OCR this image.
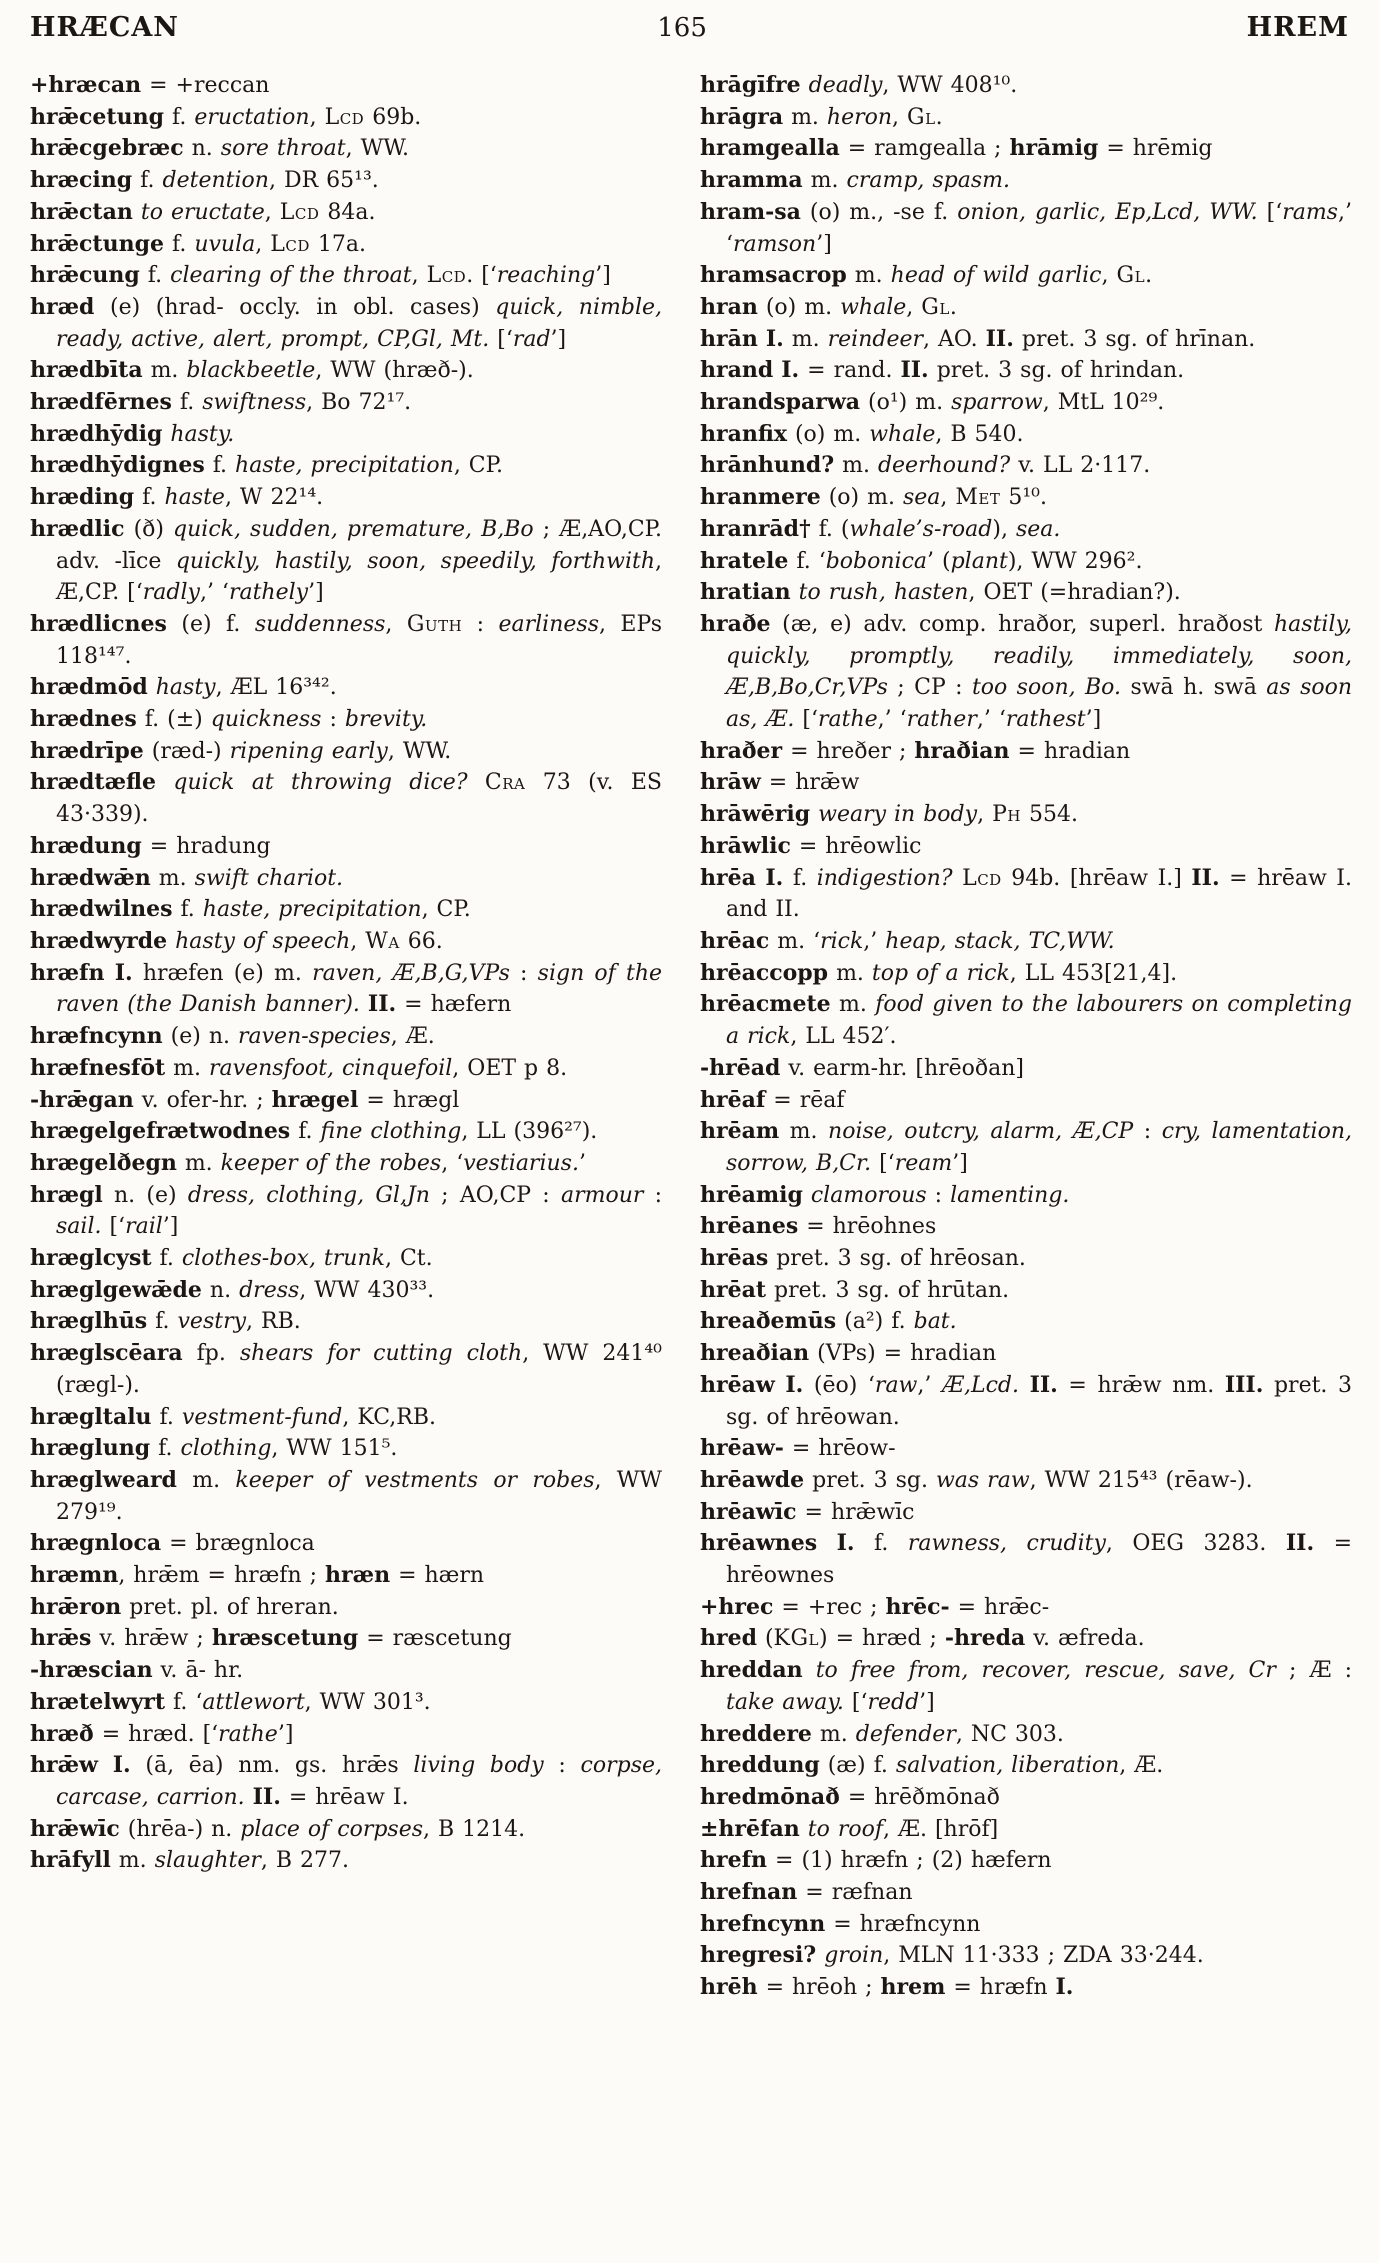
HRÆCAN	165	HREM

+hræcan = +reccan

hrǣcetung f. eructation, Lcd 69b.

hrǣcgebræc n. sore throat, WW.

hræcing f. detention, DR 65¹³.

hrǣctan to eructate, Lcd 84a.

hrǣctunge f. uvula, Lcd 17a.

hrǣcung f. clearing of the throat, Lcd. [‘reaching’]

hræd (e) (hrad- occly. in obl. cases) quick, nimble, ready, active, alert, prompt, CP,Gl, Mt. [‘rad’]

hrædbīta m. blackbeetle, WW (hræð-).

hrædfērnes f. swiftness, Bo 72¹⁷.

hrædhȳdig hasty.

hrædhȳdignes f. haste, precipitation, CP.

hræding f. haste, W 22¹⁴.

hrædlic (ð) quick, sudden, premature, B,Bo ; Æ,AO,CP. adv. -līce quickly, hastily, soon, speedily, forthwith, Æ,CP. [‘radly,’ ‘rathely’]

hrædlicnes (e) f. suddenness, Guth : earliness, EPs 118¹⁴⁷.

hrædmōd hasty, ÆL 16³⁴².

hrædnes f. (±) quickness : brevity.

hrædrīpe (ræd-) ripening early, WW.

hrædtæfle quick at throwing dice? Cra 73 (v. ES 43·339).

hrædung = hradung

hrædwǣn m. swift chariot.

hrædwilnes f. haste, precipitation, CP.

hrædwyrde hasty of speech, Wa 66.

hræfn I. hræfen (e) m. raven, Æ,B,G,VPs : sign of the raven (the Danish banner). II. = hæfern

hræfncynn (e) n. raven-species, Æ.

hræfnesfōt m. ravensfoot, cinquefoil, OET p 8.

-hrǣgan v. ofer-hr. ; hrægel = hrægl

hrægelgefrætwodnes f. fine clothing, LL (396²⁷).

hrægelðegn m. keeper of the robes, ‘vestiarius.’

hrægl n. (e) dress, clothing, Gl,Jn ; AO,CP : armour : sail. [‘rail’]

hræglcyst f. clothes-box, trunk, Ct.

hræglgewǣde n. dress, WW 430³³.

hræglhūs f. vestry, RB.

hræglscēara fp. shears for cutting cloth, WW 241⁴⁰ (rægl-).

hrægltalu f. vestment-fund, KC,RB.

hræglung f. clothing, WW 151⁵.

hræglweard m. keeper of vestments or robes, WW 279¹⁹.

hrægnloca = brægnloca

hræmn, hrǣm = hræfn ; hræn = hærn

hrǣron pret. pl. of hreran.

hrǣs v. hrǣw ; hræscetung = ræscetung

-hræscian v. ā- hr.

hrætelwyrt f. ‘attlewort, WW 301³.

hræð = hræd. [‘rathe’]

hrǣw I. (ā, ēa) nm. gs. hrǣs living body : corpse, carcase, carrion. II. = hrēaw I.

hrǣwīc (hrēa-) n. place of corpses, B 1214.

hrāfyll m. slaughter, B 277.

hrāgīfre deadly, WW 408¹⁰.

hrāgra m. heron, Gl.

hramgealla = ramgealla ; hrāmig = hrēmig

hramma m. cramp, spasm.

hram-sa (o) m., -se f. onion, garlic, Ep,Lcd, WW. [‘rams,’ ‘ramson’]

hramsacrop m. head of wild garlic, Gl.

hran (o) m. whale, Gl.

hrān I. m. reindeer, AO. II. pret. 3 sg. of hrīnan.

hrand I. = rand. II. pret. 3 sg. of hrindan.

hrandsparwa (o¹) m. sparrow, MtL 10²⁹.

hranfix (o) m. whale, B 540.

hrānhund? m. deerhound? v. LL 2·117.

hranmere (o) m. sea, Met 5¹⁰.

hranrād† f. (whale’s-road), sea.

hratele f. ‘bobonica’ (plant), WW 296².

hratian to rush, hasten, OET (=hradian?).

hraðe (æ, e) adv. comp. hraðor, superl. hraðost hastily, quickly, promptly, readily, immediately, soon, Æ,B,Bo,Cr,VPs ; CP : too soon, Bo. swā h. swā as soon as, Æ. [‘rathe,’ ‘rather,’ ‘rathest’]

hraðer = hreðer ; hraðian = hradian

hrāw = hrǣw

hrāwērig weary in body, Ph 554.

hrāwlic = hrēowlic

hrēa I. f. indigestion? Lcd 94b. [hrēaw I.] II. = hrēaw I. and II.

hrēac m. ‘rick,’ heap, stack, TC,WW.

hrēaccopp m. top of a rick, LL 453[21,4].

hrēacmete m. food given to the labourers on completing a rick, LL 452′.

-hrēad v. earm-hr. [hrēoðan]

hrēaf = rēaf

hrēam m. noise, outcry, alarm, Æ,CP : cry, lamentation, sorrow, B,Cr. [‘ream’]

hrēamig clamorous : lamenting.

hrēanes = hrēohnes

hrēas pret. 3 sg. of hrēosan.

hrēat pret. 3 sg. of hrūtan.

hreaðemūs (a²) f. bat.

hreaðian (VPs) = hradian

hrēaw I. (ēo) ‘raw,’ Æ,Lcd. II. = hrǣw nm. III. pret. 3 sg. of hrēowan.

hrēaw- = hrēow-

hrēawde pret. 3 sg. was raw, WW 215⁴³ (rēaw-).

hrēawīc = hrǣwīc

hrēawnes I. f. rawness, crudity, OEG 3283. II. = hrēownes

+hrec = +rec ; hrēc- = hrǣc-

hred (KGl) = hræd ; -hreda v. æfreda.

hreddan to free from, recover, rescue, save, Cr ; Æ : take away. [‘redd’]

hreddere m. defender, NC 303.

hreddung (æ) f. salvation, liberation, Æ.

hredmōnað = hrēðmōnað

±hrēfan to roof, Æ. [hrōf]

hrefn = (1) hræfn ; (2) hæfern

hrefnan = ræfnan

hrefncynn = hræfncynn

hregresi? groin, MLN 11·333 ; ZDA 33·244.

hrēh = hrēoh ; hrem = hræfn I.
